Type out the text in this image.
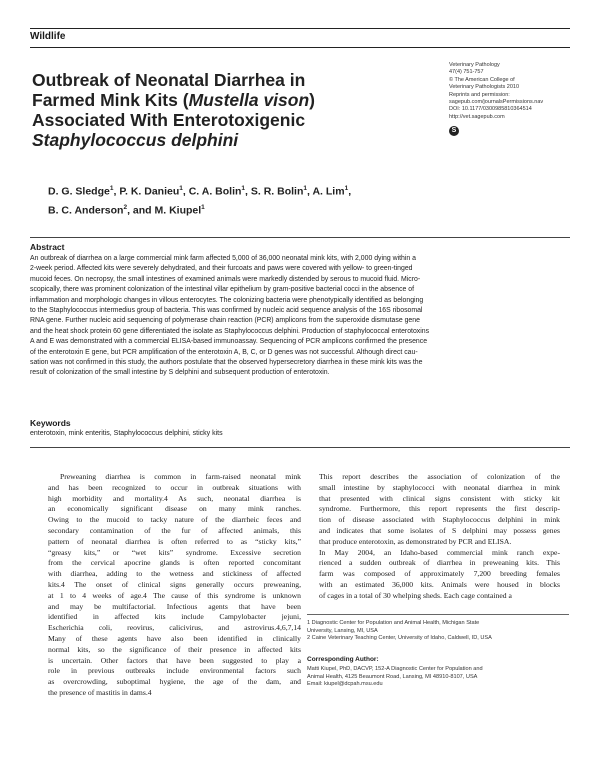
Wildlife
Outbreak of Neonatal Diarrhea in
Farmed Mink Kits (Mustella vison)
Associated With Enterotoxigenic
Staphylococcus delphini
Veterinary Pathology
47(4) 751-757
© The American College of
Veterinary Pathologists 2010
Reprints and permission:
sagepub.com/journalsPermissions.nav
DOI: 10.1177/0300985810364514
http://vet.sagepub.com
S
D. G. Sledge$^1$, P. K. Danieu$^1$, C. A. Bolin$^1$, S. R. Bolin$^1$, A. Lim$^1$,
B. C. Anderson$^2$, and M. Kiupel$^1$
Abstract
An outbreak of diarrhea on a large commercial mink farm affected 5,000 of 36,000 neonatal mink kits, with 2,000 dying within a
2-week period. Affected kits were severely dehydrated, and their furcoats and paws were covered with yellow- to green-tinged
mucoid feces. On necropsy, the small intestines of examined animals were markedly distended by serous to mucoid fluid. Micro-
scopically, there was prominent colonization of the intestinal villar epithelium by gram-positive bacterial cocci in the absence of
inflammation and morphologic changes in villous enterocytes. The colonizing bacteria were phenotypically identified as belonging
to the Staphylococcus intermedius group of bacteria. This was confirmed by nucleic acid sequence analysis of the 16S ribosomal
RNA gene. Further nucleic acid sequencing of polymerase chain reaction (PCR) amplicons from the superoxide dismutase gene
and the heat shock protein 60 gene differentiated the isolate as Staphylococcus delphini. Production of staphylococcal enterotoxins
A and E was demonstrated with a commercial ELISA-based immunoassay. Sequencing of PCR amplicons confirmed the presence
of the enterotoxin E gene, but PCR amplification of the enterotoxin A, B, C, or D genes was not successful. Although direct cau-
sation was not confirmed in this study, the authors postulate that the observed hypersecretory diarrhea in these mink kits was the
result of colonization of the small intestine by S delphini and subsequent production of enterotoxin.
Keywords
enterotoxin, mink enteritis, Staphylococcus delphini, sticky kits
Preweaning diarrhea is common in farm-raised neonatal mink
and has been recognized to occur in outbreak situations with
high morbidity and mortality.4 As such, neonatal diarrhea is
an economically significant disease on many mink ranches.
Owing to the mucoid to tacky nature of the diarrheic feces and
secondary contamination of the fur of affected animals, this
pattern of neonatal diarrhea is often referred to as “sticky kits,”
“greasy kits,” or “wet kits” syndrome. Excessive secretion
from the cervical apocrine glands is often reported concomitant
with diarrhea, adding to the wetness and stickiness of affected
kits.4 The onset of clinical signs generally occurs preweaning,
at 1 to 4 weeks of age.4 The cause of this syndrome is unknown
and may be multifactorial. Infectious agents that have been
identified in affected kits include Campylobacter jejuni,
Escherichia coli, reovirus, calicivirus, and astrovirus.4,6,7,14
Many of these agents have also been identified in clinically
normal kits, so the significance of their presence in affected kits
is uncertain. Other factors that have been suggested to play a
role in previous outbreaks include environmental factors such
as overcrowding, suboptimal hygiene, the age of the dam, and
the presence of mastitis in dams.4
This report describes the association of colonization of the
small intestine by staphylococci with neonatal diarrhea in mink
that presented with clinical signs consistent with sticky kit
syndrome. Furthermore, this report represents the first descrip-
tion of disease associated with Staphylococcus delphini in mink
and indicates that some isolates of S delphini may possess genes
that produce enterotoxin, as demonstrated by PCR and ELISA.
In May 2004, an Idaho-based commercial mink ranch expe-
rienced a sudden outbreak of diarrhea in preweaning kits. This
farm was composed of approximately 7,200 breeding females
with an estimated 36,000 kits. Animals were housed in blocks
of cages in a total of 30 whelping sheds. Each cage contained a
1 Diagnostic Center for Population and Animal Health, Michigan State
University, Lansing, MI, USA
2 Caine Veterinary Teaching Center, University of Idaho, Caldwell, ID, USA
Corresponding Author:
Matti Kiupel, PhD, DACVP, 152-A Diagnostic Center for Population and
Animal Health, 4125 Beaumont Road, Lansing, MI 48910-8107, USA
Email: kiupel@dcpah.msu.edu
